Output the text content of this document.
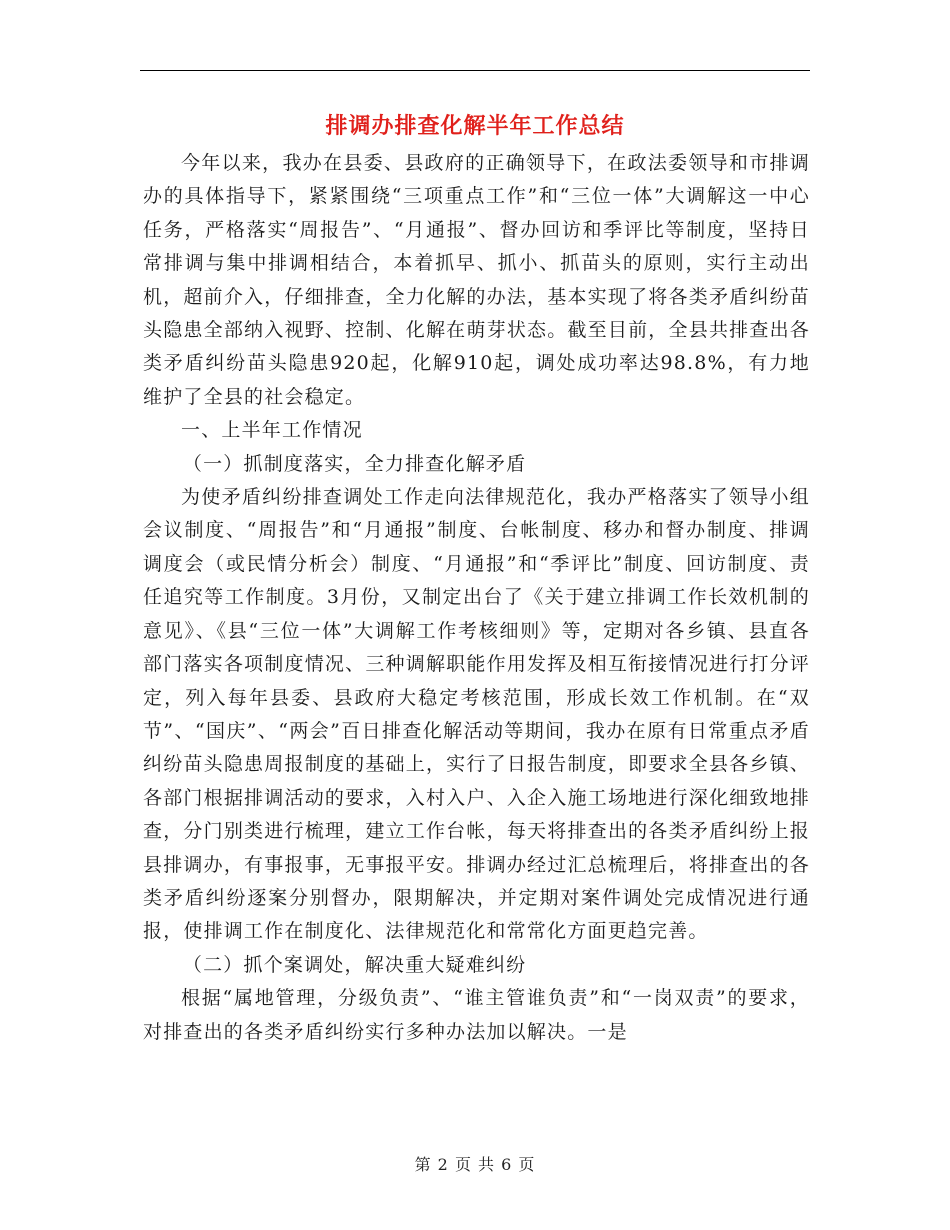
排调办排查化解半年工作总结

今年以来，我办在县委、县政府的正确领导下，在政法委领导和市排调办的具体指导下，紧紧围绕“三项重点工作”和“三位一体”大调解这一中心任务，严格落实“周报告”、“月通报”、督办回访和季评比等制度，坚持日常排调与集中排调相结合，本着抓早、抓小、抓苗头的原则，实行主动出机，超前介入，仔细排查，全力化解的办法，基本实现了将各类矛盾纠纷苗头隐患全部纳入视野、控制、化解在萌芽状态。截至目前，全县共排查出各类矛盾纠纷苗头隐患920起，化解910起，调处成功率达98.8%，有力地维护了全县的社会稳定。

一、上半年工作情况

（一）抓制度落实，全力排查化解矛盾

为使矛盾纠纷排查调处工作走向法律规范化，我办严格落实了领导小组会议制度、“周报告”和“月通报”制度、台帐制度、移办和督办制度、排调调度会（或民情分析会）制度、“月通报”和“季评比”制度、回访制度、责任追究等工作制度。3月份，又制定出台了《关于建立排调工作长效机制的意见》、《县“三位一体”大调解工作考核细则》等，定期对各乡镇、县直各部门落实各项制度情况、三种调解职能作用发挥及相互衔接情况进行打分评定，列入每年县委、县政府大稳定考核范围，形成长效工作机制。在“双节”、“国庆”、“两会”百日排查化解活动等期间，我办在原有日常重点矛盾纠纷苗头隐患周报制度的基础上，实行了日报告制度，即要求全县各乡镇、各部门根据排调活动的要求，入村入户、入企入施工场地进行深化细致地排查，分门别类进行梳理，建立工作台帐，每天将排查出的各类矛盾纠纷上报县排调办，有事报事，无事报平安。排调办经过汇总梳理后，将排查出的各类矛盾纠纷逐案分别督办，限期解决，并定期对案件调处完成情况进行通报，使排调工作在制度化、法律规范化和常常化方面更趋完善。

（二）抓个案调处，解决重大疑难纠纷

根据“属地管理，分级负责”、“谁主管谁负责”和“一岗双责”的要求，对排查出的各类矛盾纠纷实行多种办法加以解决。一是

第 2 页 共 6 页
